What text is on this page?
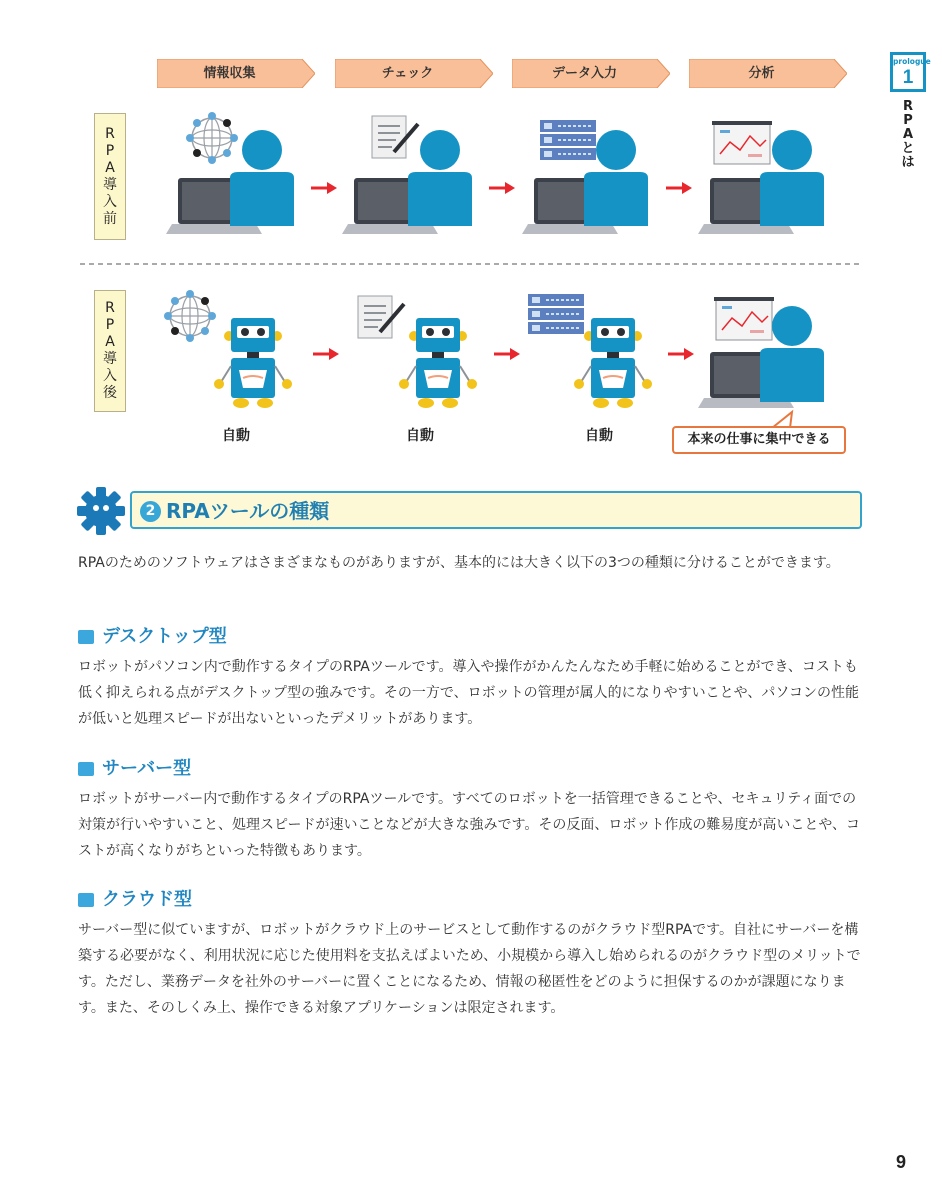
prologue
1
R
P
A
と
は
情報収集	チェック	データ入力	分析
R
P
A
導
入
前
R
P
A
導
入
後
自動	自動	自動	本来の仕事に集中できる
2 RPAツールの種類

RPAのためのソフトウェアはさまざまなものがありますが、基本的には大きく以下の3つの種類に分けることができます。

デスクトップ型

ロボットがパソコン内で動作するタイプのRPAツールです。導入や操作がかんたんなため手軽に始めることができ、コストも低く抑えられる点がデスクトップ型の強みです。その一方で、ロボットの管理が属人的になりやすいことや、パソコンの性能が低いと処理スピードが出ないといったデメリットがあります。

サーバー型

ロボットがサーバー内で動作するタイプのRPAツールです。すべてのロボットを一括管理できることや、セキュリティ面での対策が行いやすいこと、処理スピードが速いことなどが大きな強みです。その反面、ロボット作成の難易度が高いことや、コストが高くなりがちといった特徴もあります。

クラウド型

サーバー型に似ていますが、ロボットがクラウド上のサービスとして動作するのがクラウド型RPAです。自社にサーバーを構築する必要がなく、利用状況に応じた使用料を支払えばよいため、小規模から導入し始められるのがクラウド型のメリットです。ただし、業務データを社外のサーバーに置くことになるため、情報の秘匿性をどのように担保するのかが課題になります。また、そのしくみ上、操作できる対象アプリケーションは限定されます。

9
